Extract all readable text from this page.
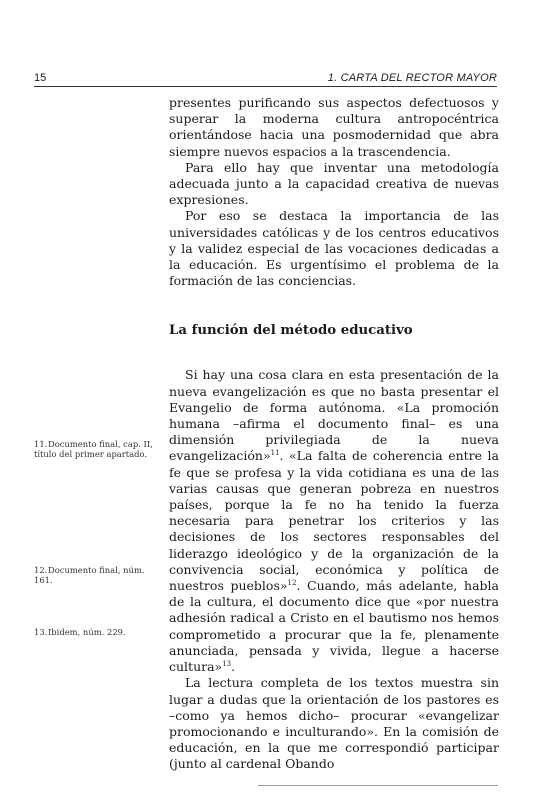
15	1. CARTA DEL RECTOR MAYOR

presentes purificando sus aspectos defectuosos y superar la moderna cultura antropocéntrica orientándose hacia una posmodernidad que abra siempre nuevos espacios a la trascendencia.

Para ello hay que inventar una metodología adecuada junto a la capacidad creativa de nuevas expresiones.

Por eso se destaca la importancia de las universidades católicas y de los centros educativos y la validez especial de las vocaciones dedicadas a la educación. Es urgentísimo el problema de la formación de las conciencias.

La función del método educativo

Si hay una cosa clara en esta presentación de la nueva evangelización es que no basta presentar el Evangelio de forma autónoma. «La promoción humana –afirma el documento final– es una dimensión privilegiada de la nueva evangelización»$^{11}$. «La falta de coherencia entre la fe que se profesa y la vida cotidiana es una de las varias causas que generan pobreza en nuestros países, porque la fe no ha tenido la fuerza necesaria para penetrar los criterios y las decisiones de los sectores responsables del liderazgo ideológico y de la organización de la convivencia social, económica y política de nuestros pueblos»$^{12}$. Cuando, más adelante, habla de la cultura, el documento dice que «por nuestra adhesión radical a Cristo en el bautismo nos hemos comprometido a procurar que la fe, plenamente anunciada, pensada y vivida, llegue a hacerse cultura»$^{13}$.

La lectura completa de los textos muestra sin lugar a dudas que la orientación de los pastores es –como ya hemos dicho– procurar «evangelizar promocionando e inculturando». En la comisión de educación, en la que me correspondió participar (junto al cardenal Obando

11.Documento final, cap. II, título del primer apartado.
12.Documento final, núm. 161.
13.Ibidem, núm. 229.
